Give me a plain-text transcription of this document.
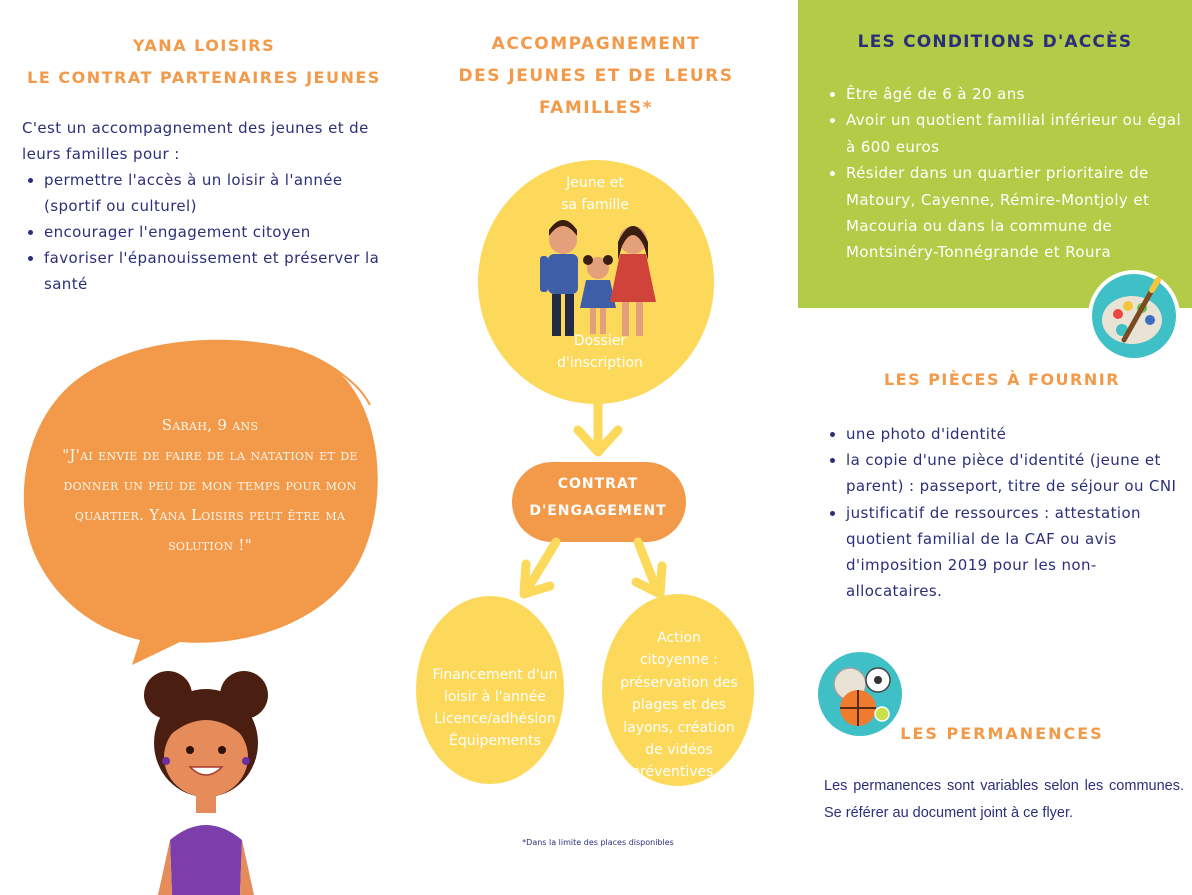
YANA LOISIRS
LE CONTRAT PARTENAIRES JEUNES
C'est un accompagnement des jeunes et de leurs familles pour :
• permettre l'accès à un loisir à l'année (sportif ou culturel)
• encourager l'engagement citoyen
• favoriser l'épanouissement et préserver la santé
Sarah, 9 ans
"J'ai envie de faire de la natation et de donner un peu de mon temps pour mon quartier. Yana Loisirs peut être ma solution !"
ACCOMPAGNEMENT
DES JEUNES ET DE LEURS
FAMILLES*
Jeune et
sa famille
Dossier
d'inscription
CONTRAT
D'ENGAGEMENT
Financement d'un
loisir à l'année
Licence/adhésion
Équipements
Action
citoyenne :
préservation des
plages et des
layons, création
de vidéos
préventives...
*Dans la limite des places disponibles
LES CONDITIONS D'ACCÈS
• Être âgé de 6 à 20 ans
• Avoir un quotient familial inférieur ou égal à 600 euros
• Résider dans un quartier prioritaire de Matoury, Cayenne, Rémire-Montjoly et Macouria ou dans la commune de Montsinéry-Tonnégrande et Roura
LES PIÈCES À FOURNIR
• une photo d'identité
• la copie d'une pièce d'identité (jeune et parent) : passeport, titre de séjour ou CNI
• justificatif de ressources : attestation quotient familial de la CAF ou avis d'imposition 2019 pour les non-allocataires.
LES PERMANENCES
Les permanences sont variables selon les communes. Se référer au document joint à ce flyer.
